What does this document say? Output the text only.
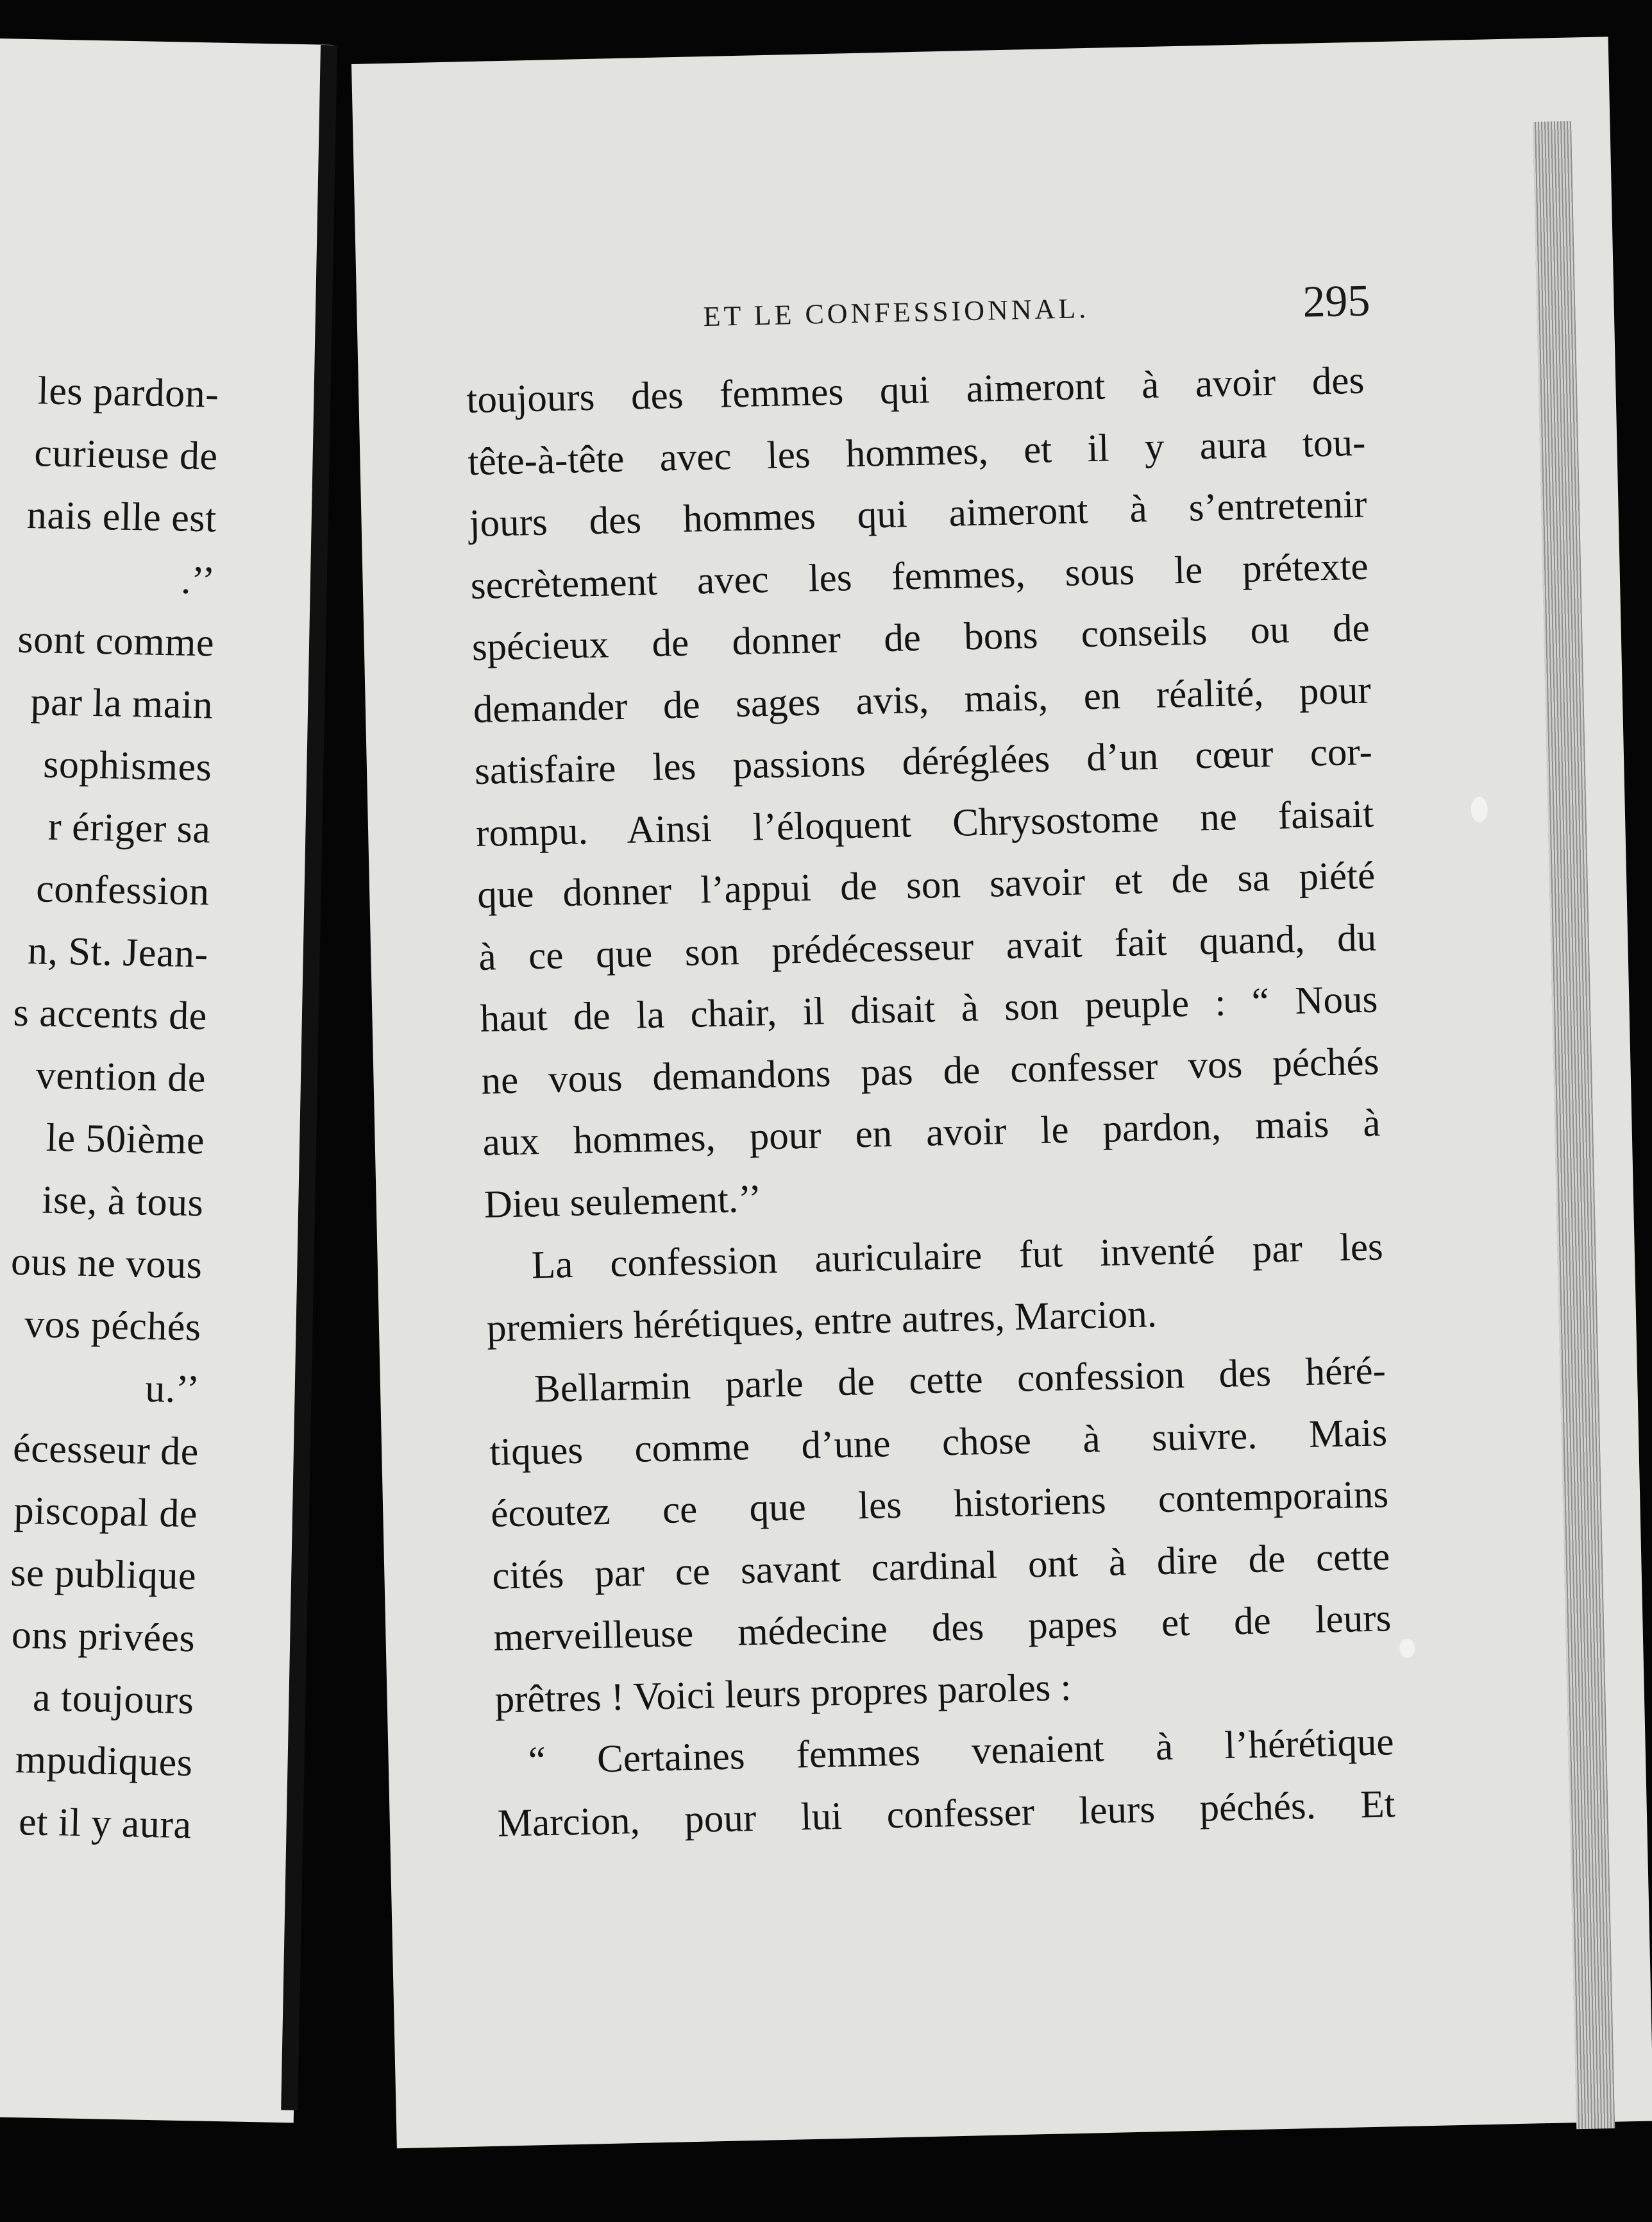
les pardon-
curieuse de
nais elle est
.’’
sont comme
par la main
sophismes
r ériger sa
confession
n, St. Jean-
s accents de
vention de
le 50ième
ise, à tous
ous ne vous
vos péchés
u.’’
écesseur de
piscopal de
se publique
ons privées
a toujours
mpudiques
et il y aura
ET LE CONFESSIONNAL.	295
toujours des femmes qui aimeront à avoir des
tête-à-tête avec les hommes, et il y aura tou-
jours des hommes qui aimeront à s’entretenir
secrètement avec les femmes, sous le prétexte
spécieux de donner de bons conseils ou de
demander de sages avis, mais, en réalité, pour
satisfaire les passions déréglées d’un cœur cor-
rompu. Ainsi l’éloquent Chrysostome ne faisait
que donner l’appui de son savoir et de sa piété
à ce que son prédécesseur avait fait quand, du
haut de la chair, il disait à son peuple : “ Nous
ne vous demandons pas de confesser vos péchés
aux hommes, pour en avoir le pardon, mais à
Dieu seulement.’’
La confession auriculaire fut inventé par les
premiers hérétiques, entre autres, Marcion.
Bellarmin parle de cette confession des héré-
tiques comme d’une chose à suivre. Mais
écoutez ce que les historiens contemporains
cités par ce savant cardinal ont à dire de cette
merveilleuse médecine des papes et de leurs
prêtres ! Voici leurs propres paroles :
“ Certaines femmes venaient à l’hérétique
Marcion, pour lui confesser leurs péchés. Et
